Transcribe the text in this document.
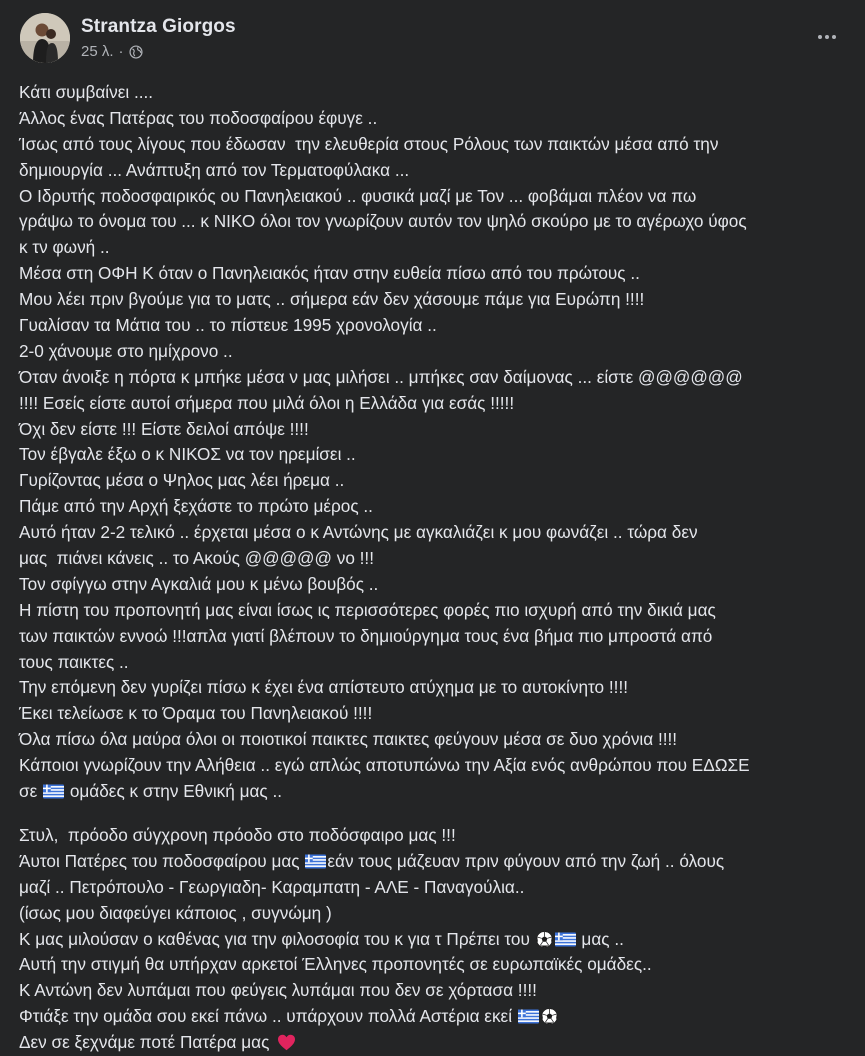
Strantza Giorgos
25 λ. ·
Κάτι συμβαίνει ....
Άλλος ένας Πατέρας του ποδοσφαίρου έφυγε ..
Ίσως από τους λίγους που έδωσαν  την ελευθερία στους Ρόλους των παικτών μέσα από την
δημιουργία ... Ανάπτυξη από τον Τερματοφύλακα ...
Ο Ιδρυτής ποδοσφαιρικός ου Πανηλειακού .. φυσικά μαζί με Τον ... φοβάμαι πλέον να πω
γράψω το όνομα του ... κ ΝΙΚΟ όλοι τον γνωρίζουν αυτόν τον ψηλό σκούρο με το αγέρωχο ύφος
κ τν φωνή ..
Μέσα στη ΟΦΗ Κ όταν ο Πανηλειακός ήταν στην ευθεία πίσω από του πρώτους ..
Μου λέει πριν βγούμε για το ματς .. σήμερα εάν δεν χάσουμε πάμε για Ευρώπη !!!!
Γυαλίσαν τα Μάτια του .. το πίστευε 1995 χρονολογία ..
2-0 χάνουμε στο ημίχρονο ..
Όταν άνοιξε η πόρτα κ μπήκε μέσα ν μας μιλήσει .. μπήκες σαν δαίμονας ... είστε @@@@@@
!!!! Εσείς είστε αυτοί σήμερα που μιλά όλοι η Ελλάδα για εσάς !!!!!
Όχι δεν είστε !!! Είστε δειλοί απόψε !!!!
Τον έβγαλε έξω ο κ ΝΙΚΟΣ να τον ηρεμίσει ..
Γυρίζοντας μέσα ο Ψηλος μας λέει ήρεμα ..
Πάμε από την Αρχή ξεχάστε το πρώτο μέρος ..
Αυτό ήταν 2-2 τελικό .. έρχεται μέσα ο κ Αντώνης με αγκαλιάζει κ μου φωνάζει .. τώρα δεν
μας  πιάνει κάνεις .. το Ακούς @@@@@ νο !!!
Τον σφίγγω στην Αγκαλιά μου κ μένω βουβός ..
Η πίστη του προπονητή μας είναι ίσως ις περισσότερες φορές πιο ισχυρή από την δικιά μας
των παικτών εννοώ !!!απλα γιατί βλέπουν το δημιούργημα τους ένα βήμα πιο μπροστά από
τους παικτες ..
Την επόμενη δεν γυρίζει πίσω κ έχει ένα απίστευτο ατύχημα με το αυτοκίνητο !!!!
Έκει τελείωσε κ το Όραμα του Πανηλειακού !!!!
Όλα πίσω όλα μαύρα όλοι οι ποιοτικοί παικτες παικτες φεύγουν μέσα σε δυο χρόνια !!!!
Κάποιοι γνωρίζουν την Αλήθεια .. εγώ απλώς αποτυπώνω την Αξία ενός ανθρώπου που ΕΔΩΣΕ
σε  ομάδες κ στην Εθνική μας ..
Στυλ,  πρόοδο σύγχρονη πρόοδο στο ποδόσφαιρο μας !!!
Άυτοι Πατέρες του ποδοσφαίρου μας εάν τους μάζευαν πριν φύγουν από την ζωή .. όλους
μαζί .. Πετρόπουλο - Γεωργιαδη- Καραμπατη - ΑΛΕ - Παναγούλια..
(ίσως μου διαφεύγει κάποιος , συγνώμη )
Κ μας μιλούσαν ο καθένας για την φιλοσοφία του κ για τ Πρέπει του  μας ..
Αυτή την στιγμή θα υπήρχαν αρκετοί Έλληνες προπονητές σε ευρωπαϊκές ομάδες..
Κ Αντώνη δεν λυπάμαι που φεύγεις λυπάμαι που δεν σε χόρτασα !!!!
Φτιάξε την ομάδα σου εκεί πάνω .. υπάρχουν πολλά Αστέρια εκεί
Δεν σε ξεχνάμε ποτέ Πατέρα μας
